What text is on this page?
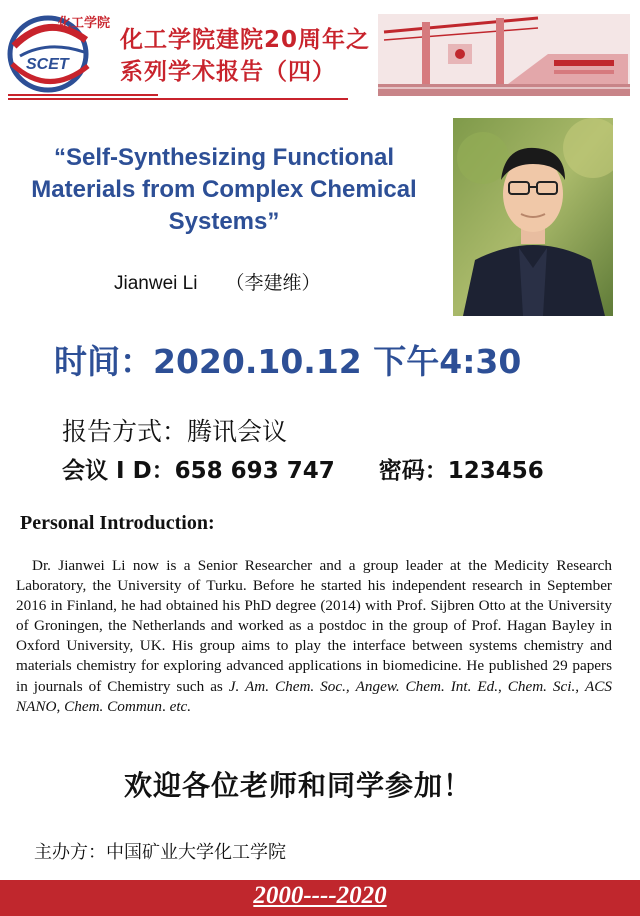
SCET
化工学院
化工学院建院20周年之
系列学术报告（四）
“Self-Synthesizing Functional
Materials from Complex Chemical
Systems”
Jianwei Li （李建维）
时间：2020.10.12 下午4:30
报告方式：腾讯会议
会议 I D：658 693 747 密码：123456
Personal Introduction:
Dr. Jianwei Li now is a Senior Researcher and a group leader at the Medicity Research Laboratory, the University of Turku. Before he started his independent research in September 2016 in Finland, he had obtained his PhD degree (2014) with Prof. Sijbren Otto at the University of Groningen, the Netherlands and worked as a postdoc in the group of Prof. Hagan Bayley in Oxford University, UK. His group aims to play the interface between systems chemistry and materials chemistry for exploring advanced applications in biomedicine. He published 29 papers in journals of Chemistry such as J. Am. Chem. Soc., Angew. Chem. Int. Ed., Chem. Sci., ACS NANO, Chem. Commun. etc.
欢迎各位老师和同学参加！
主办方：中国矿业大学化工学院
2000----2020
